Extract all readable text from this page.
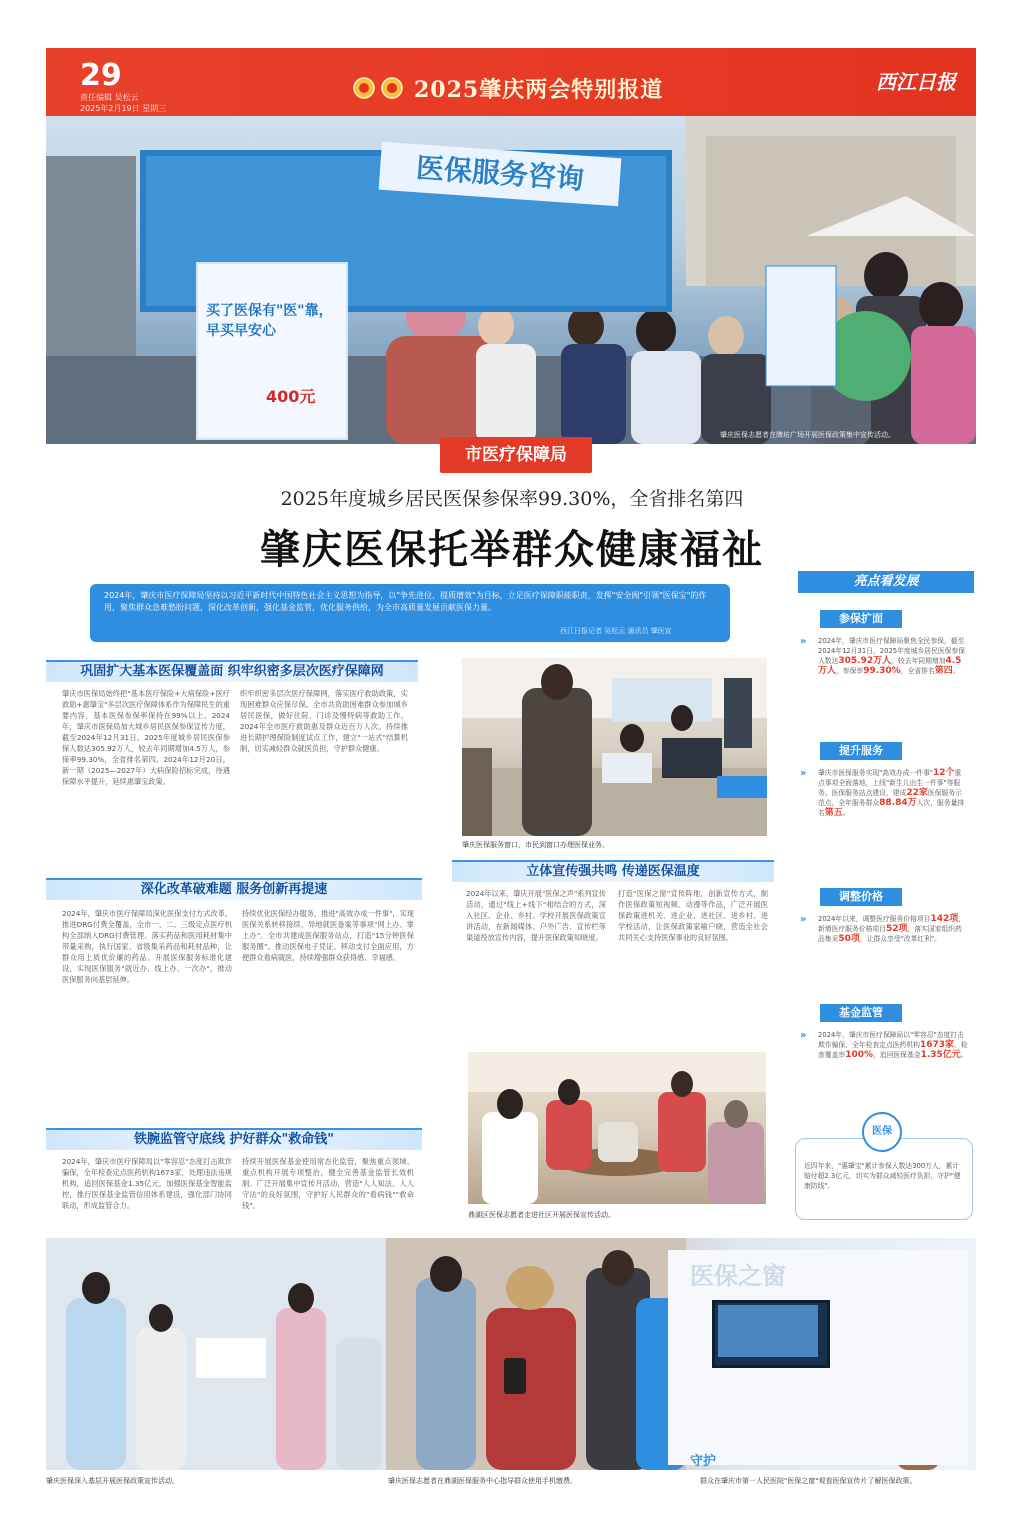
29
责任编辑 吴松云
2025年2月19日 星期三
2025肇庆两会特别报道	西江日报
医保服务咨询
买了医保有"医"靠，早买早安心
400元
肇庆医保志愿者在牌坊广场开展医保政策集中宣传活动。
市医疗保障局
2025年度城乡居民医保参保率99.30%，全省排名第四
肇庆医保托举群众健康福祉
2024年，肇庆市医疗保障局坚持以习近平新时代中国特色社会主义思想为指导，以"争先进位、提质增效"为目标，立足医疗保障职能职责，发挥"安全阀"引领"医保宝"的作用，聚焦群众急难愁盼问题，深化改革创新，强化基金监管，优化服务供给，为全市高质量发展贡献医保力量。
西江日报记者 吴松云 通讯员 肇医宣
巩固扩大基本医保覆盖面 织牢织密多层次医疗保障网
肇庆市医保局始终把"基本医疗保险+大病保险+医疗救助+惠肇宝"多层次医疗保障体系作为保障民生的重要内容，基本医保参保率保持在99%以上。2024年，肇庆市医保局加大城乡居民医保参保宣传力度，截至2024年12月31日，2025年度城乡居民医保参保人数达305.92万人，较去年同期增加4.5万人，参保率99.30%，全省排名第四。2024年12月20日，新一期（2025—2027年）大病保险招标完成，待遇保障水平提升，延续惠肇宝政策。
织牢织密多层次医疗保障网，落实医疗救助政策，实现困难群众应保尽保。全市共资助困难群众参加城乡居民医保，做好住院、门诊及慢特病等救助工作，2024年全市医疗救助惠及群众近百万人次。持续推进长期护理保险制度试点工作，建立"一站式"结算机制，切实减轻群众就医负担，守护群众健康。
肇庆医保服务窗口，市民到窗口办理医保业务。
立体宣传强共鸣 传递医保温度
2024年以来，肇庆开展"医保之声"系列宣传活动，通过"线上+线下"相结合的方式，深入社区、企业、乡村、学校开展医保政策宣讲活动，在新闻媒体、户外广告、宣传栏等渠道投放宣传内容，提升医保政策知晓度。
打造"医保之窗"宣传阵地，创新宣传方式，制作医保政策短视频、动漫等作品，广泛开展医保政策进机关、进企业、进社区、进乡村、进学校活动，让医保政策家喻户晓，营造全社会共同关心支持医保事业的良好氛围。
深化改革破难题 服务创新再提速
2024年，肇庆市医疗保障局深化医保支付方式改革，推进DRG付费全覆盖，全市一、二、三级定点医疗机构全部纳入DRG付费管理。落实药品和医用耗材集中带量采购，执行国家、省级集采药品和耗材品种，让群众用上质优价廉的药品。开展医保服务标准化建设，实现医保服务"就近办、线上办、一次办"，推动医保服务向基层延伸。
持续优化医保经办服务，推进"高效办成一件事"，实现医保关系转移接续、异地就医备案等事项"网上办、掌上办"。全市共建成医保服务站点，打造"15分钟医保服务圈"。推动医保电子凭证、移动支付全面应用，方便群众看病就医，持续增强群众获得感、幸福感。
鼎湖区医保志愿者走进社区开展医保宣传活动。
铁腕监管守底线 护好群众"救命钱"
2024年，肇庆市医疗保障局以"零容忍"态度打击欺诈骗保，全年检查定点医药机构1673家，处理违法违规机构，追回医保基金1.35亿元。加强医保基金智能监控，推行医保基金监管信用体系建设，强化部门协同联动，形成监管合力。
持续开展医保基金使用常态化监管，聚焦重点领域、重点机构开展专项整治，健全完善基金监管长效机制。广泛开展集中宣传月活动，营造"人人知法、人人守法"的良好氛围，守护好人民群众的"看病钱""救命钱"。
亮点看发展
参保扩面
» 2024年，肇庆市医疗保障局聚焦全民参保，截至2024年12月31日，2025年度城乡居民医保参保人数达305.92万人，较去年同期增加4.5万人，参保率99.30%，全省排名第四。
提升服务
» 肇庆市医保服务实现"高效办成一件事"12个重点事项全面落地，上线"新生儿出生一件事"等服务。医保服务站点建设，建成22家医保服务示范点，全年服务群众88.84万人次，服务量排名第五。
调整价格
» 2024年以来，调整医疗服务价格项目142项，新增医疗服务价格项目52项，落实国家组织药品集采50项，让群众享受"改革红利"。
基金监管
» 2024年，肇庆市医疗保障局以"零容忍"态度打击欺诈骗保，全年检查定点医药机构1673家，检查覆盖率100%，追回医保基金1.35亿元。
近四年来，"惠肇宝"累计参保人数达300万人，累计赔付超2.3亿元，切实为群众减轻医疗负担，守护"健康防线"。
医保
医保之窗
守护
肇庆医保深入基层开展医保政策宣传活动。	肇庆医保志愿者在鼎湖医保服务中心指导群众使用手机缴费。	群众在肇庆市第一人民医院"医保之窗"观看医保宣传片了解医保政策。
